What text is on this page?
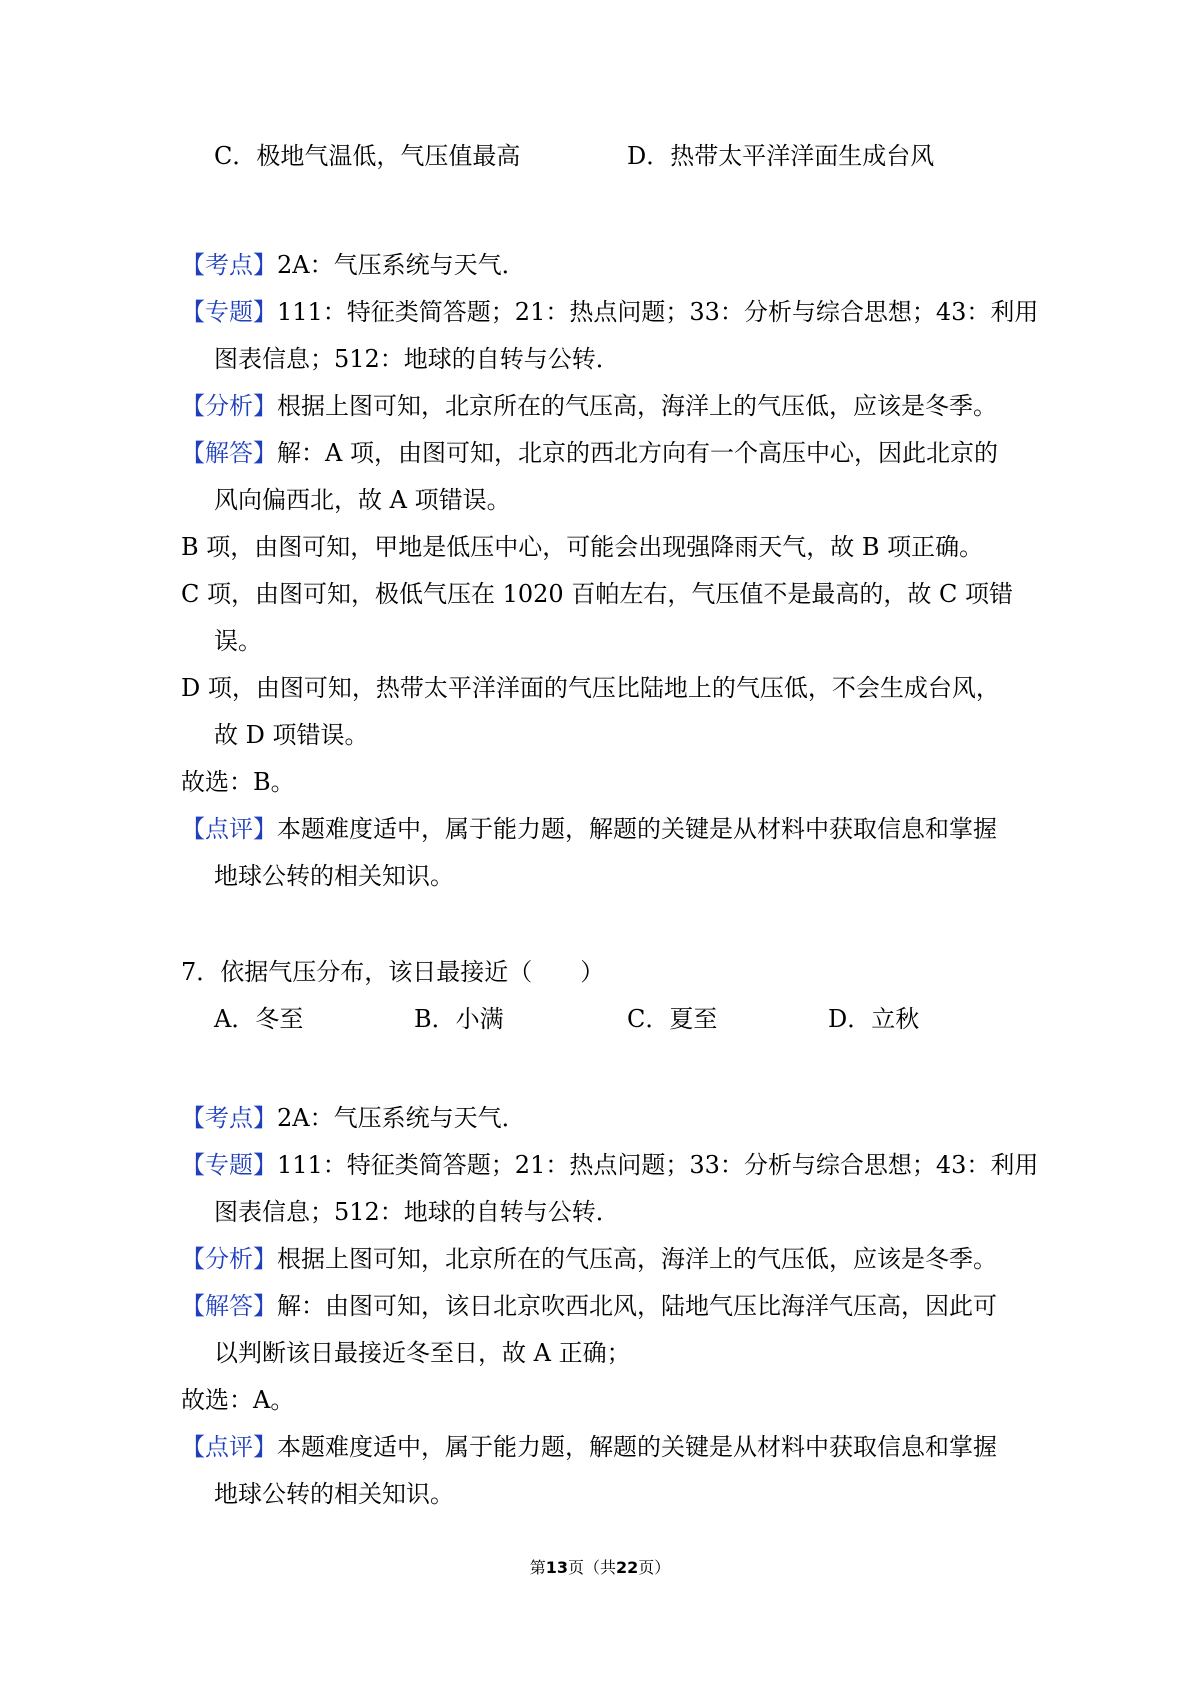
C．极地气温低，气压值最高	D．热带太平洋洋面生成台风
【考点】2A：气压系统与天气．
【专题】111：特征类简答题；21：热点问题；33：分析与综合思想；43：利用
图表信息；512：地球的自转与公转．
【分析】根据上图可知，北京所在的气压高，海洋上的气压低，应该是冬季。
【解答】解：A 项，由图可知，北京的西北方向有一个高压中心，因此北京的
风向偏西北，故 A 项错误。
B 项，由图可知，甲地是低压中心，可能会出现强降雨天气，故 B 项正确。
C 项，由图可知，极低气压在 1020 百帕左右，气压值不是最高的，故 C 项错
误。
D 项，由图可知，热带太平洋洋面的气压比陆地上的气压低，不会生成台风，
故 D 项错误。
故选：B。
【点评】本题难度适中，属于能力题，解题的关键是从材料中获取信息和掌握
地球公转的相关知识。
7．依据气压分布，该日最接近（　　）
A．冬至	B．小满	C．夏至	D．立秋
【考点】2A：气压系统与天气．
【专题】111：特征类简答题；21：热点问题；33：分析与综合思想；43：利用
图表信息；512：地球的自转与公转．
【分析】根据上图可知，北京所在的气压高，海洋上的气压低，应该是冬季。
【解答】解：由图可知，该日北京吹西北风，陆地气压比海洋气压高，因此可
以判断该日最接近冬至日，故 A 正确；
故选：A。
【点评】本题难度适中，属于能力题，解题的关键是从材料中获取信息和掌握
地球公转的相关知识。
第13页（共22页）
